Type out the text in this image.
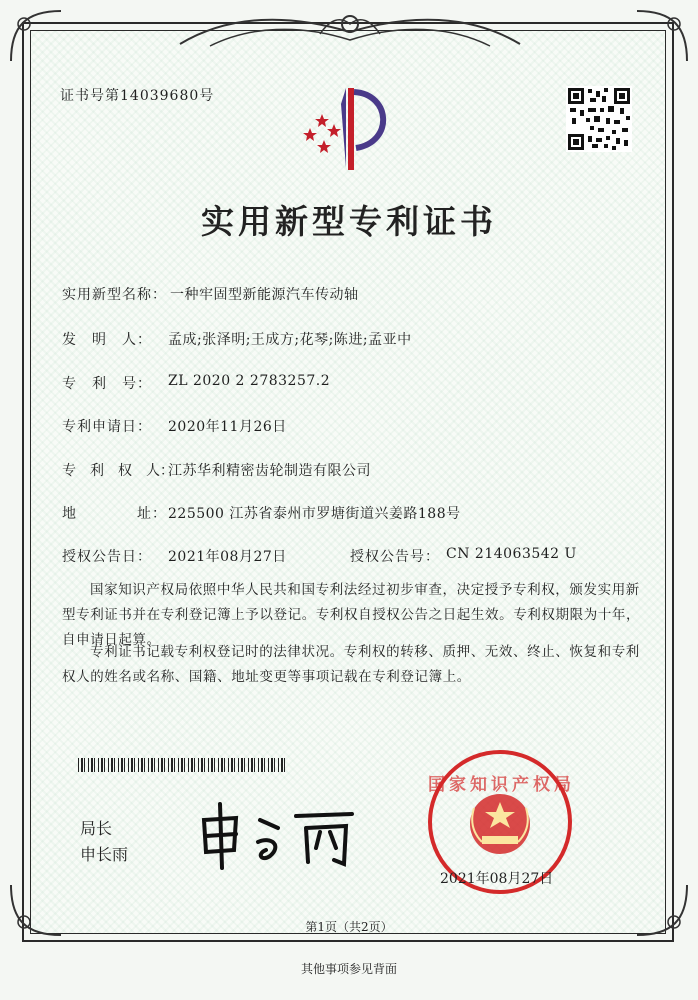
证书号第14039680号
实用新型专利证书
实用新型名称： 一种牢固型新能源汽车传动轴
发　明　人： 孟成;张泽明;王成方;花琴;陈进;孟亚中
专　利　号： ZL 2020 2 2783257.2
专利申请日： 2020年11月26日
专　利　权　人：
江苏华利精密齿轮制造有限公司
地　　　　址： 225500 江苏省泰州市罗塘街道兴姜路188号
授权公告日： 2021年08月27日	授权公告号： CN 214063542 U
国家知识产权局依照中华人民共和国专利法经过初步审查，决定授予专利权，颁发实用新型专利证书并在专利登记簿上予以登记。专利权自授权公告之日起生效。专利权期限为十年，自申请日起算。
专利证书记载专利权登记时的法律状况。专利权的转移、质押、无效、终止、恢复和专利权人的姓名或名称、国籍、地址变更等事项记载在专利登记簿上。
局长
申长雨
国家知识产权局
2021年08月27日
第1页（共2页）
其他事项参见背面
